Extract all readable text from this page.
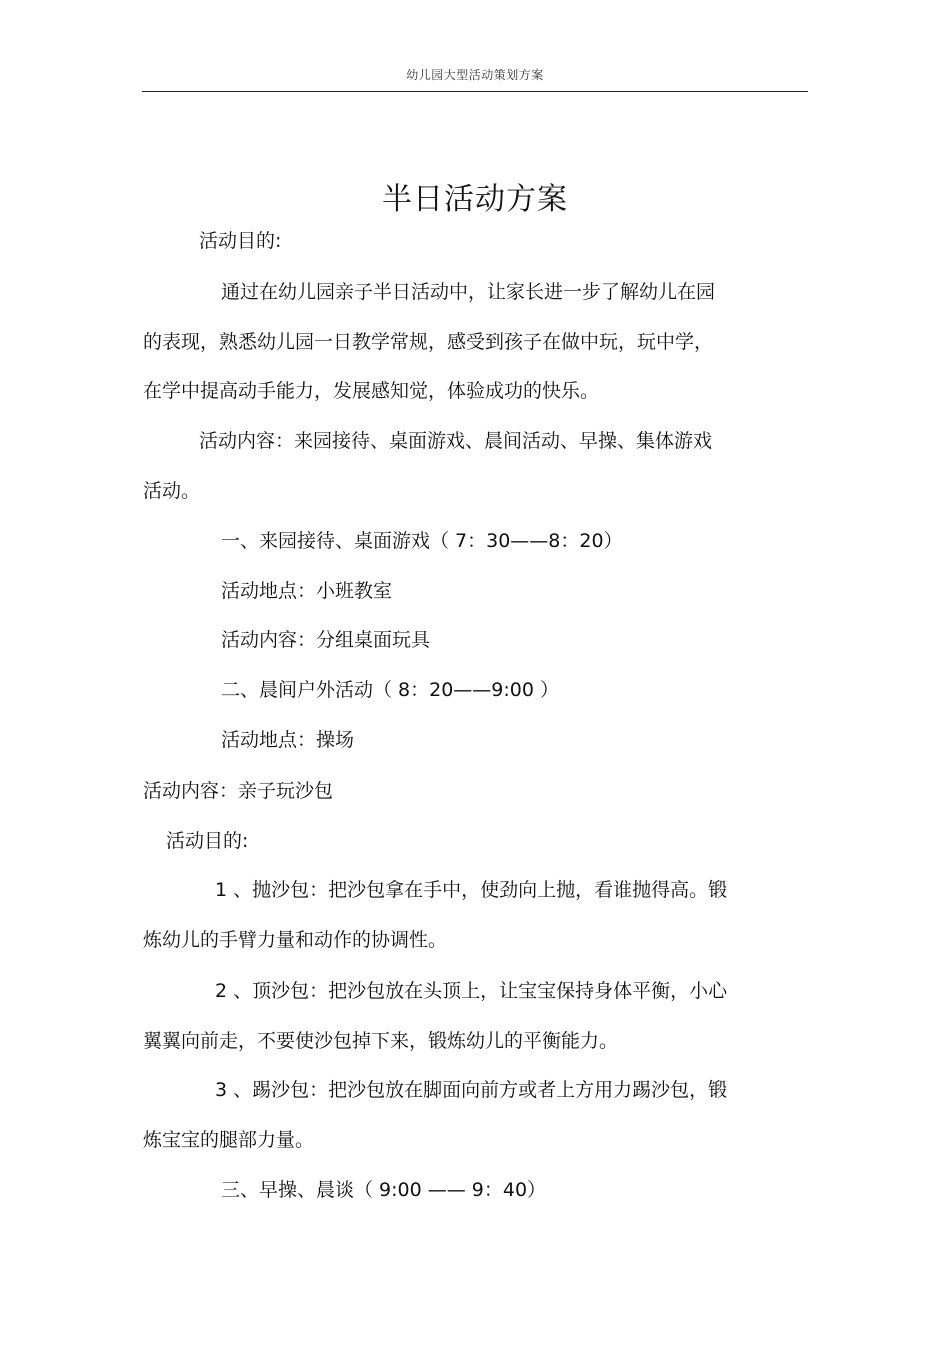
幼儿园大型活动策划方案
半日活动方案
活动目的:
通过在幼儿园亲子半日活动中，让家长进一步了解幼儿在园
的表现，熟悉幼儿园一日教学常规，感受到孩子在做中玩，玩中学，
在学中提高动手能力，发展感知觉，体验成功的快乐。
活动内容：来园接待、桌面游戏、晨间活动、早操、集体游戏
活动。
一、来园接待、桌面游戏（ 7：30——8：20）
活动地点：小班教室
活动内容：分组桌面玩具
二、晨间户外活动（ 8：20——9:00 ）
活动地点：操场
活动内容：亲子玩沙包
活动目的:
1 、抛沙包：把沙包拿在手中，使劲向上抛，看谁抛得高。锻
炼幼儿的手臂力量和动作的协调性。
2 、顶沙包：把沙包放在头顶上，让宝宝保持身体平衡，小心
翼翼向前走，不要使沙包掉下来，锻炼幼儿的平衡能力。
3 、踢沙包：把沙包放在脚面向前方或者上方用力踢沙包，锻
炼宝宝的腿部力量。
三、早操、晨谈（ 9:00 —— 9：40）
